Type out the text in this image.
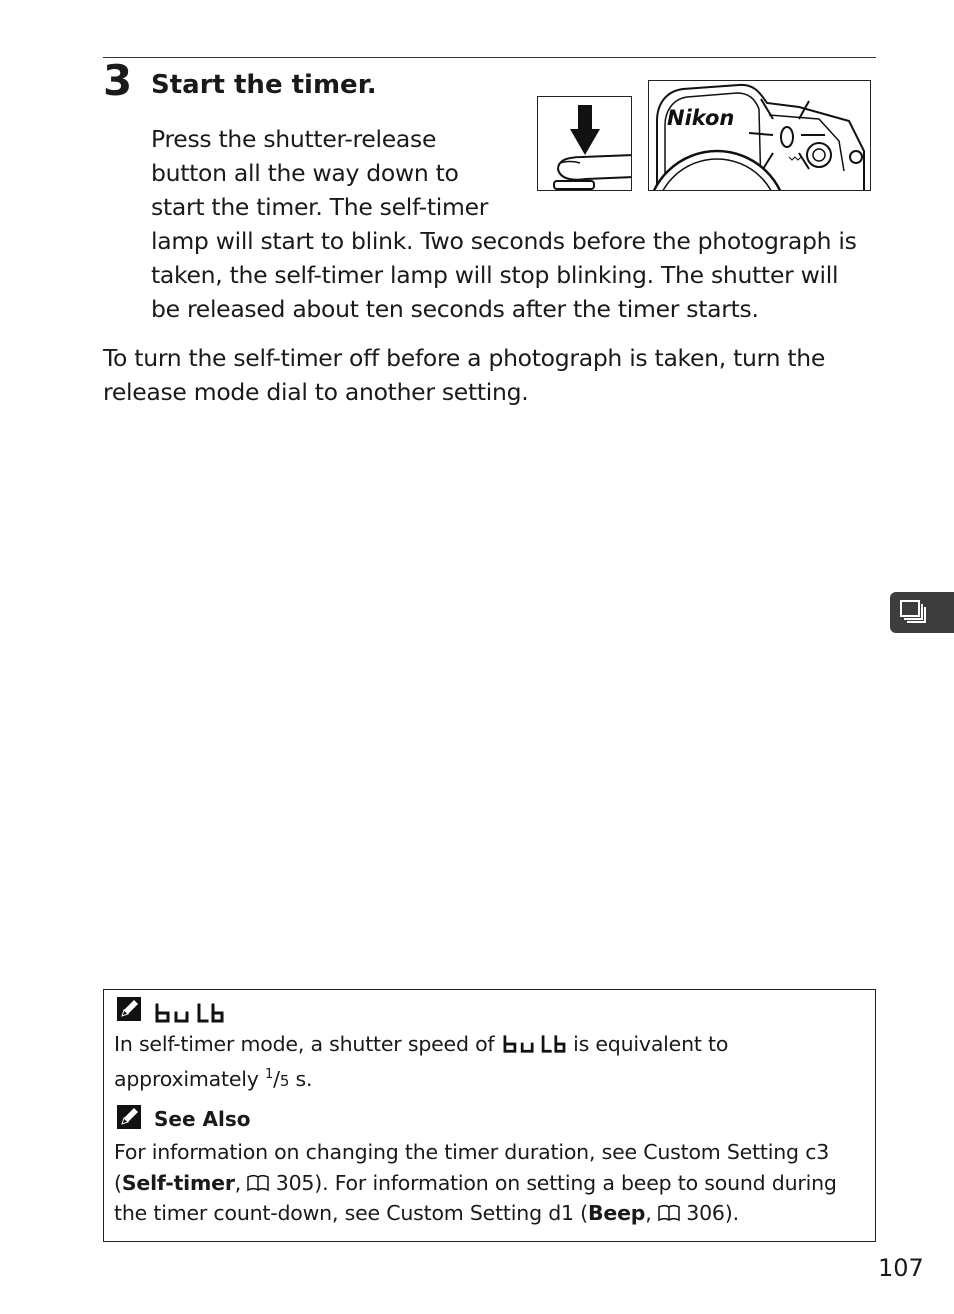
3 Start the timer.
Press the shutter-release
button all the way down to
start the timer. The self-timer
lamp will start to blink. Two seconds before the photograph is
taken, the self-timer lamp will stop blinking. The shutter will
be released about ten seconds after the timer starts.
Nikon
To turn the self-timer off before a photograph is taken, turn the
release mode dial to another setting.
In self-timer mode, a shutter speed of	is equivalent to
approximately $^1$/5 s.
See Also
For information on changing the timer duration, see Custom Setting c3
(Self-timer,  305). For information on setting a beep to sound during
the timer count-down, see Custom Setting d1 (Beep,  306).
107
